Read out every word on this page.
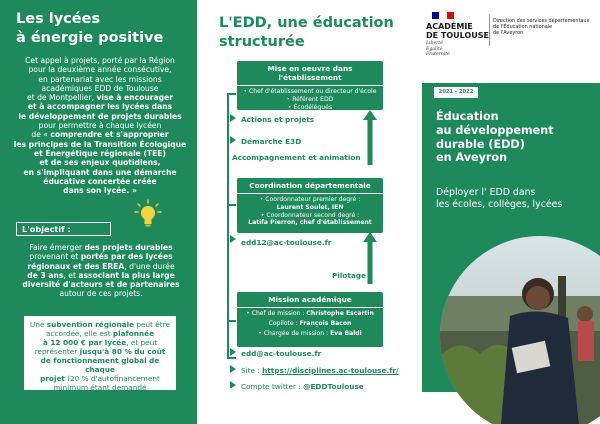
Les lycées
à énergie positive
Cet appel à projets, porté par la Région
pour la deuxième année consécutive,
en partenariat avec les missions
académiques EDD de Toulouse
et de Montpellier, vise à encourager
et à accompagner les lycées dans
le développement de projets durables
pour permettre à chaque lycéen
de « comprendre et s'approprier
les principes de la Transition Écologique
et Énergétique régionale (TEE)
et de ses enjeux quotidiens,
en s'impliquant dans une démarche
éducative concertée créée
dans son lycée. »
L'objectif :
Faire émerger des projets durables
provenant et portés par des lycées
régionaux et des EREA, d'une durée
de 3 ans, et associant la plus large
diversité d'acteurs et de partenaires
autour de ces projets.
Une subvention régionale peut être
accordée, elle est plafonnée
à 12 000 € par lycée, et peut
représenter jusqu'à 80 % du coût
de fonctionnement global de chaque
projet (20 % d'autofinancement
minimum étant demandé
pour chaque projet).
L'EDD, une éducation
structurée
Mise en oeuvre dans l'établissement
• Chef d'établissement ou directeur d'école
• Référent EDD
• Écodélégués
• Communauté éducative
Actions et projets
Démarche E3D
Accompagnement et animation
Coordination départementale
• Coordonnateur premier degré :
Laurent Soulet, IEN
• Coordonnateur second degré :
Latifa Pierron, chef d'établissement
edd12@ac-toulouse.fr
Pilotage
Mission académique
• Chef de mission : Christophe Escartin
Copilote : François Bacon
• Chargée de mission : Eva Baldi
edd@ac-toulouse.fr
Site : https://disciplines.ac-toulouse.fr/
Compte twitter : @EDDToulouse
ACADÉMIE
DE TOULOUSE
Liberté
Égalité
Fraternité
Direction des services départementaux
de l'Éducation nationale
de l'Aveyron
2021 - 2022
Éducation
au développement
durable (EDD)
en Aveyron
Déployer l' EDD dans
les écoles, collèges, lycées
